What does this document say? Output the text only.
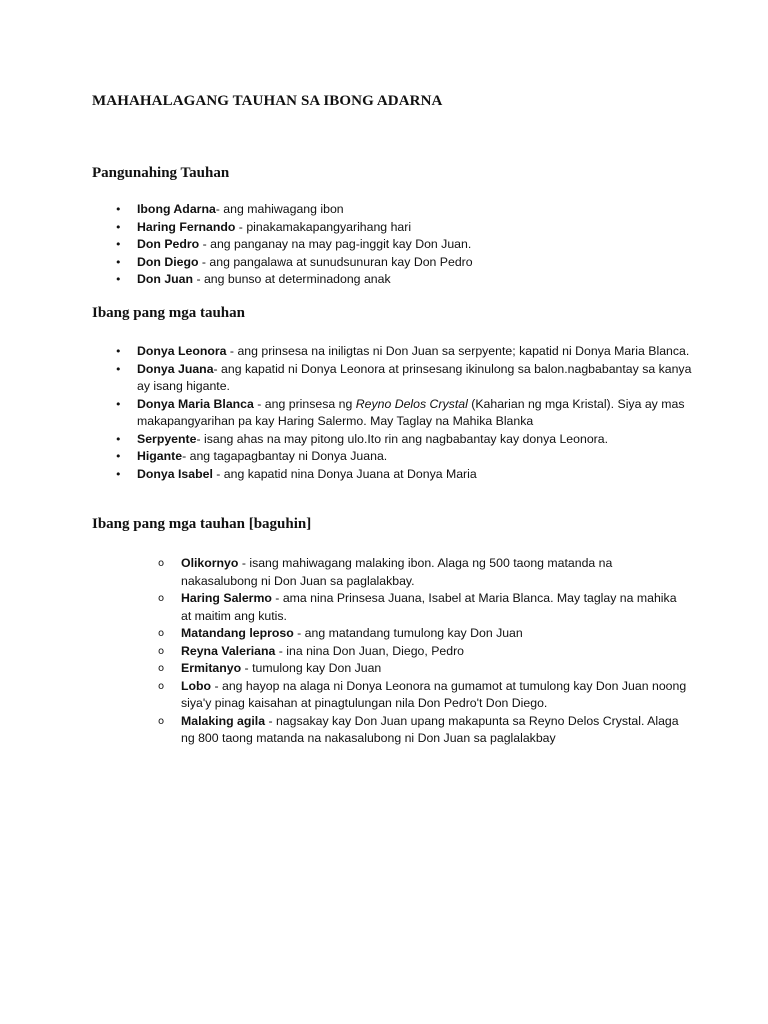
MAHAHALAGANG TAUHAN SA IBONG ADARNA
Pangunahing Tauhan
•	Ibong Adarna- ang mahiwagang ibon
•	Haring Fernando - pinakamakapangyarihang hari
•	Don Pedro - ang panganay na may pag-inggit kay Don Juan.
•	Don Diego - ang pangalawa at sunudsunuran kay Don Pedro
•	Don Juan - ang bunso at determinadong anak
Ibang pang mga tauhan
•	Donya Leonora - ang prinsesa na iniligtas ni Don Juan sa serpyente; kapatid ni Donya Maria Blanca.
•	Donya Juana- ang kapatid ni Donya Leonora at prinsesang ikinulong sa balon.nagbabantay sa kanya ay isang higante.
•	Donya Maria Blanca - ang prinsesa ng Reyno Delos Crystal (Kaharian ng mga Kristal). Siya ay mas makapangyarihan pa kay Haring Salermo. May Taglay na Mahika Blanka
•	Serpyente- isang ahas na may pitong ulo.Ito rin ang nagbabantay kay donya Leonora.
•	Higante- ang tagapagbantay ni Donya Juana.
•	Donya Isabel - ang kapatid nina Donya Juana at Donya Maria
Ibang pang mga tauhan [baguhin]
o	Olikornyo - isang mahiwagang malaking ibon. Alaga ng 500 taong matanda na nakasalubong ni Don Juan sa paglalakbay.
o	Haring Salermo - ama nina Prinsesa Juana, Isabel at Maria Blanca. May taglay na mahika at maitim ang kutis.
o	Matandang leproso - ang matandang tumulong kay Don Juan
o	Reyna Valeriana - ina nina Don Juan, Diego, Pedro
o	Ermitanyo - tumulong kay Don Juan
o	Lobo - ang hayop na alaga ni Donya Leonora na gumamot at tumulong kay Don Juan noong siya'y pinag kaisahan at pinagtulungan nila Don Pedro't Don Diego.
o	Malaking agila - nagsakay kay Don Juan upang makapunta sa Reyno Delos Crystal. Alaga ng 800 taong matanda na nakasalubong ni Don Juan sa paglalakbay
